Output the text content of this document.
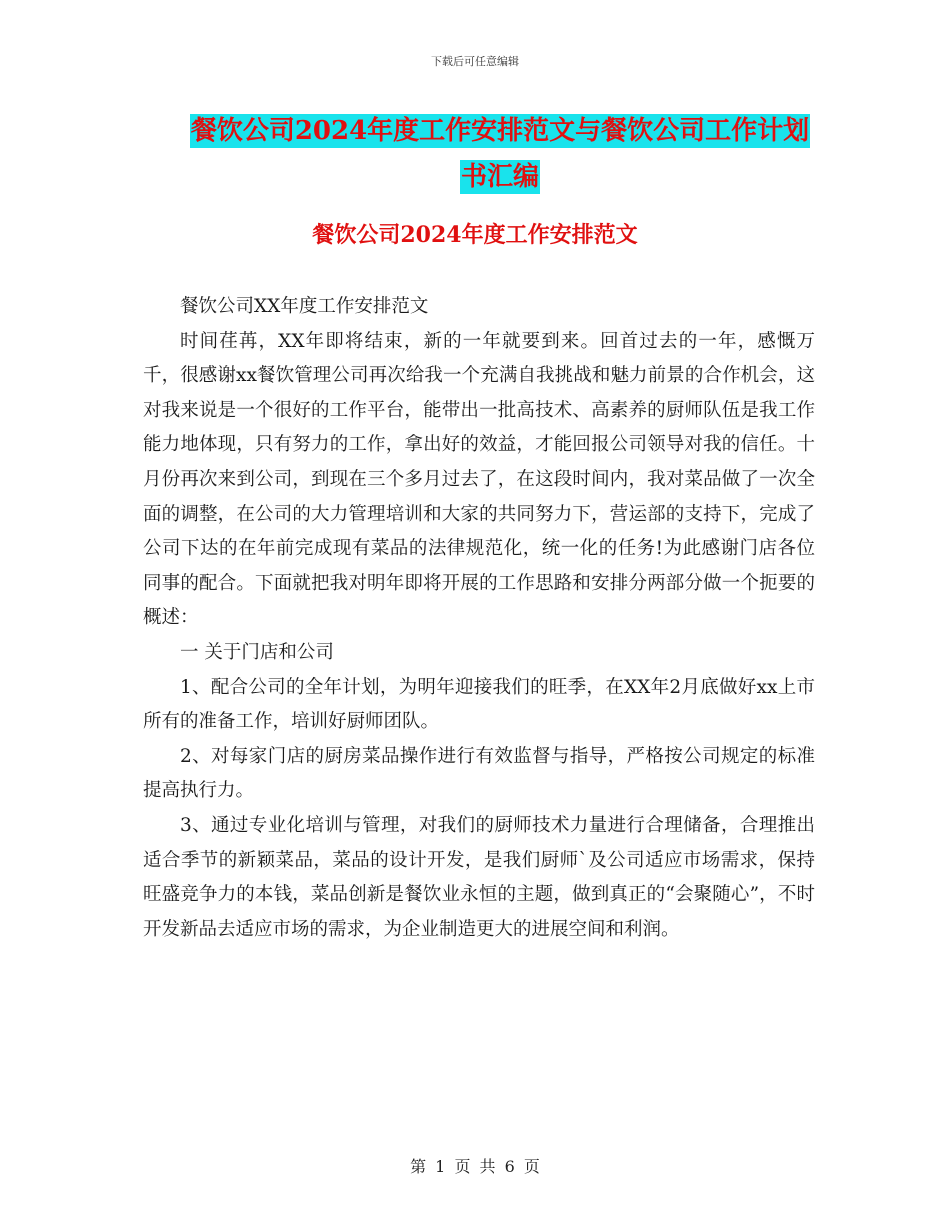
下载后可任意编辑
餐饮公司2024年度工作安排范文与餐饮公司工作计划
书汇编
餐饮公司2024年度工作安排范文

餐饮公司XX年度工作安排范文

时间荏苒，XX年即将结束，新的一年就要到来。回首过去的一年，感慨万千，很感谢xx餐饮管理公司再次给我一个充满自我挑战和魅力前景的合作机会，这对我来说是一个很好的工作平台，能带出一批高技术、高素养的厨师队伍是我工作能力地体现，只有努力的工作，拿出好的效益，才能回报公司领导对我的信任。十月份再次来到公司，到现在三个多月过去了，在这段时间内，我对菜品做了一次全面的调整，在公司的大力管理培训和大家的共同努力下，营运部的支持下，完成了公司下达的在年前完成现有菜品的法律规范化，统一化的任务!为此感谢门店各位同事的配合。下面就把我对明年即将开展的工作思路和安排分两部分做一个扼要的概述：

一 关于门店和公司

1、配合公司的全年计划，为明年迎接我们的旺季，在XX年2月底做好xx上市所有的准备工作，培训好厨师团队。

2、对每家门店的厨房菜品操作进行有效监督与指导，严格按公司规定的标准提高执行力。

3、通过专业化培训与管理，对我们的厨师技术力量进行合理储备，合理推出适合季节的新颖菜品，菜品的设计开发，是我们厨师`及公司适应市场需求，保持旺盛竞争力的本钱，菜品创新是餐饮业永恒的主题，做到真正的“会聚随心”，不时开发新品去适应市场的需求，为企业制造更大的进展空间和利润。

第 1 页 共 6 页
